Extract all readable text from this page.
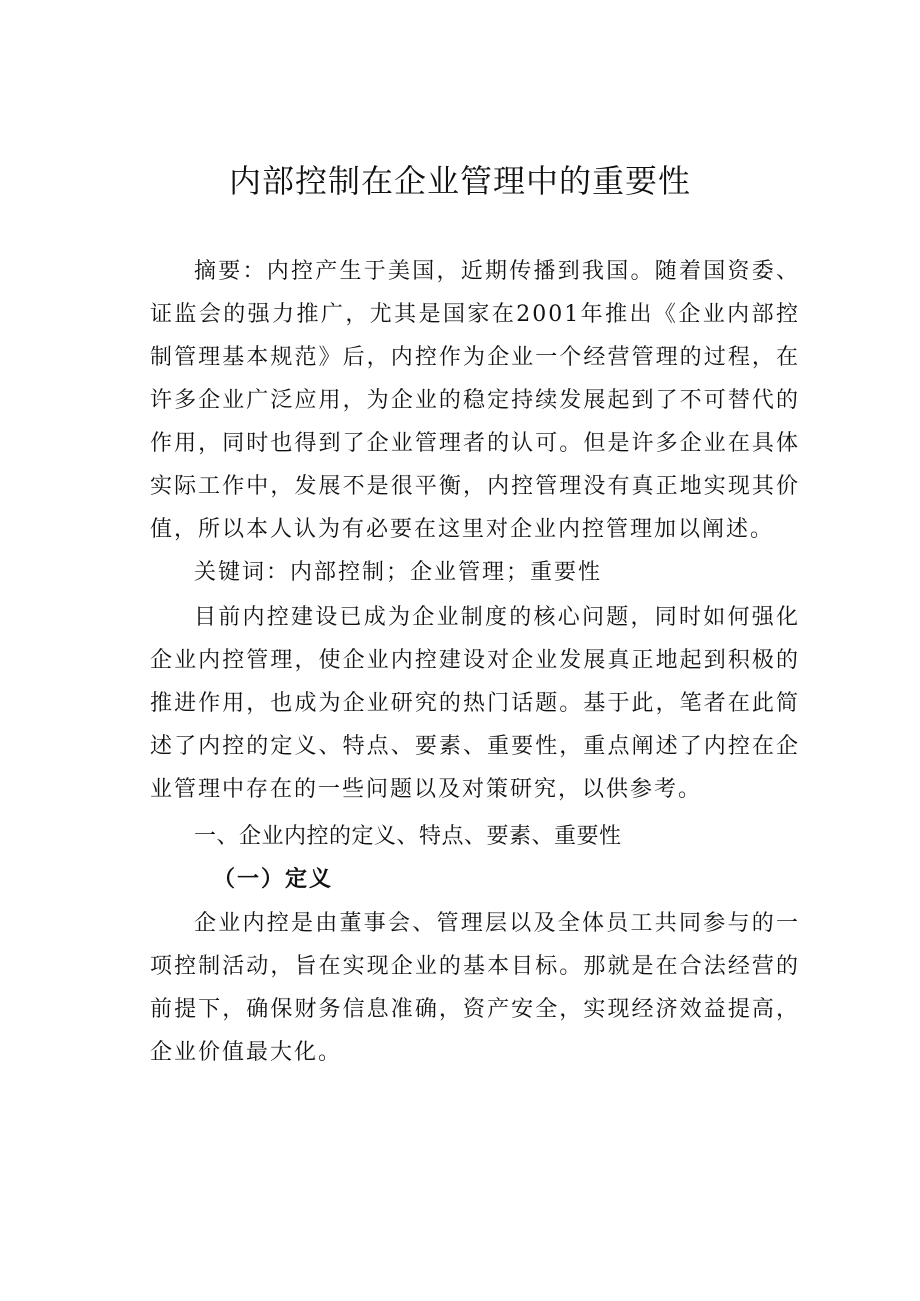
内部控制在企业管理中的重要性

摘要：内控产生于美国，近期传播到我国。随着国资委、证监会的强力推广，尤其是国家在2001年推出《企业内部控制管理基本规范》后，内控作为企业一个经营管理的过程，在许多企业广泛应用，为企业的稳定持续发展起到了不可替代的作用，同时也得到了企业管理者的认可。但是许多企业在具体实际工作中，发展不是很平衡，内控管理没有真正地实现其价值，所以本人认为有必要在这里对企业内控管理加以阐述。

关键词：内部控制；企业管理；重要性

目前内控建设已成为企业制度的核心问题，同时如何强化企业内控管理，使企业内控建设对企业发展真正地起到积极的推进作用，也成为企业研究的热门话题。基于此，笔者在此简述了内控的定义、特点、要素、重要性，重点阐述了内控在企业管理中存在的一些问题以及对策研究，以供参考。

一、企业内控的定义、特点、要素、重要性
（一）定义

企业内控是由董事会、管理层以及全体员工共同参与的一项控制活动，旨在实现企业的基本目标。那就是在合法经营的前提下，确保财务信息准确，资产安全，实现经济效益提高，企业价值最大化。
